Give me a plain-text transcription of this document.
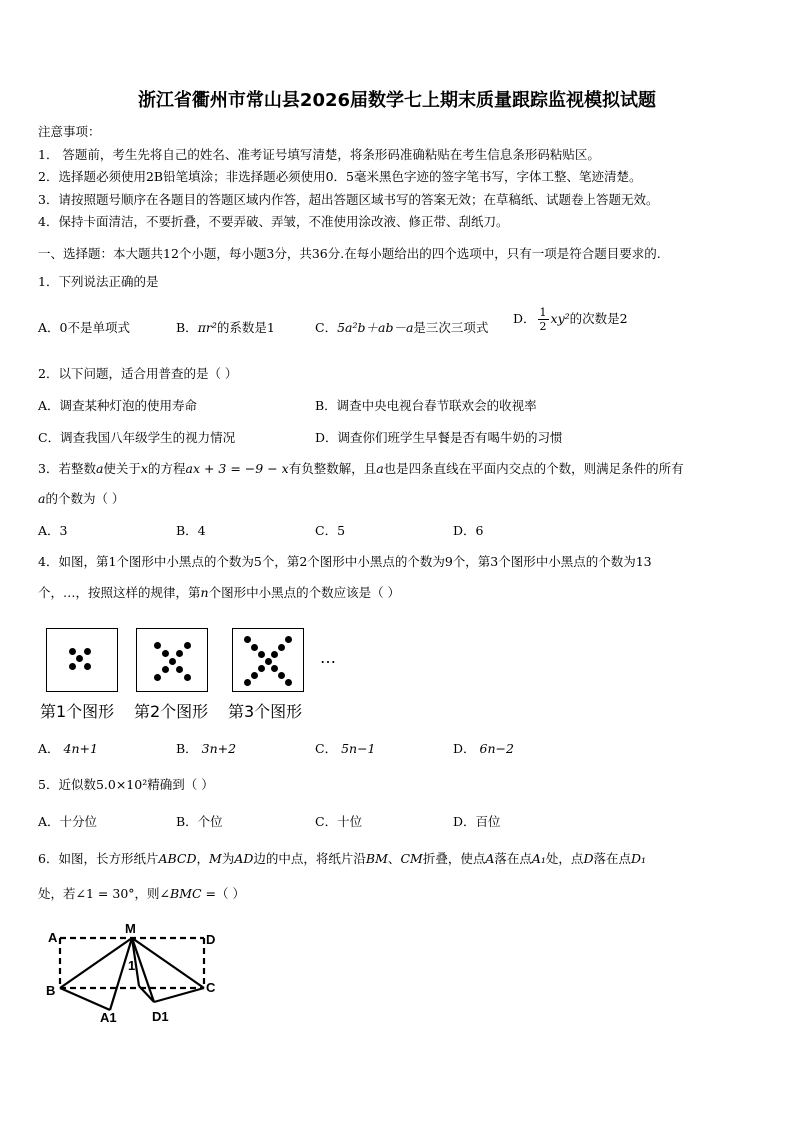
浙江省衢州市常山县2026届数学七上期末质量跟踪监视模拟试题
注意事项：
1． 答题前，考生先将自己的姓名、准考证号填写清楚，将条形码准确粘贴在考生信息条形码粘贴区。
2．选择题必须使用2B铅笔填涂；非选择题必须使用0．5毫米黑色字迹的签字笔书写，字体工整、笔迹清楚。
3．请按照题号顺序在各题目的答题区域内作答，超出答题区域书写的答案无效；在草稿纸、试题卷上答题无效。
4．保持卡面清洁，不要折叠，不要弄破、弄皱，不准使用涂改液、修正带、刮纸刀。
一、选择题：本大题共12个小题，每小题3分，共36分.在每小题给出的四个选项中，只有一项是符合题目要求的.
1．下列说法正确的是
A．0不是单项式	B．πr²的系数是1	C．5a²b＋ab－a是三次三项式
D． $\frac{1}{2} xy^2$的次数是2
2．以下问题，适合用普查的是（ ）
A．调查某种灯泡的使用寿命	B．调查中央电视台春节联欢会的收视率
C．调查我国八年级学生的视力情况	D．调查你们班学生早餐是否有喝牛奶的习惯
3．若整数a使关于x的方程ax + 3 = −9 − x有负整数解，且a也是四条直线在平面内交点的个数，则满足条件的所有
a的个数为（ ）
A．3	B．4	C．5	D．6
4．如图，第1个图形中小黑点的个数为5个，第2个图形中小黑点的个数为9个，第3个图形中小黑点的个数为13
个，…，按照这样的规律，第n个图形中小黑点的个数应该是（ ）
…
第1个图形 第2个图形 第3个图形
A． 4n+1	B． 3n+2	C． 5n−1	D． 6n−2
5．近似数5.0×10²精确到（ ）
A．十分位	B．个位	C．十位	D．百位
6．如图，长方形纸片ABCD，M为AD边的中点，将纸片沿BM、CM折叠，使点A落在点A₁处，点D落在点D₁
处，若∠1 = 30°，则∠BMC =（ ）
A
M
D
B	C
A1	D1
1
